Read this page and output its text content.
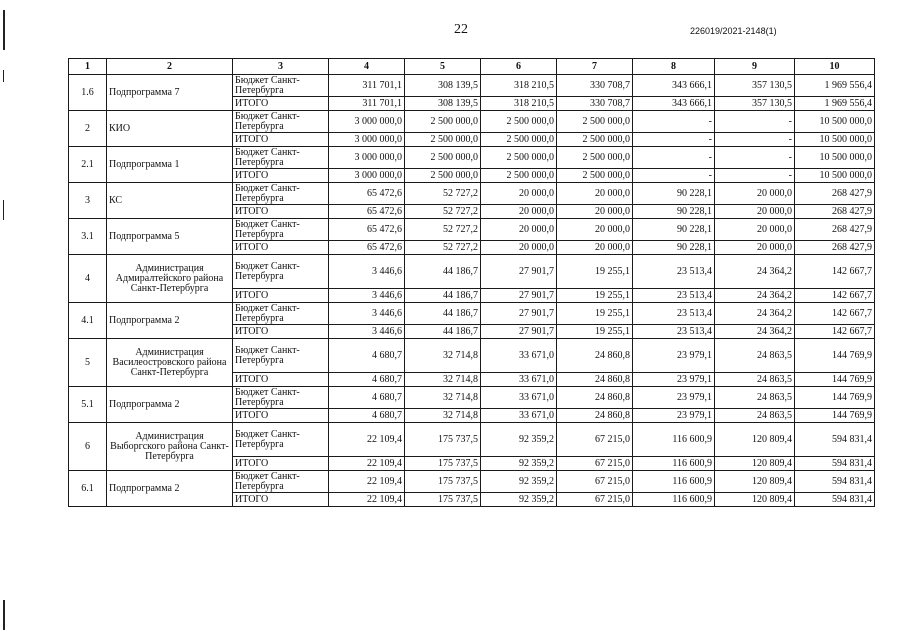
22	226019/2021-2148(1)
1	2	3	4	5	6	7	8	9	10
1.6	Подпрограмма 7	Бюджет Санкт-Петербурга	311 701,1	308 139,5	318 210,5	330 708,7	343 666,1	357 130,5	1 969 556,4
		ИТОГО	311 701,1	308 139,5	318 210,5	330 708,7	343 666,1	357 130,5	1 969 556,4
2	КИО	Бюджет Санкт-Петербурга	3 000 000,0	2 500 000,0	2 500 000,0	2 500 000,0	-	-	10 500 000,0
		ИТОГО	3 000 000,0	2 500 000,0	2 500 000,0	2 500 000,0	-	-	10 500 000,0
2.1	Подпрограмма 1	Бюджет Санкт-Петербурга	3 000 000,0	2 500 000,0	2 500 000,0	2 500 000,0	-	-	10 500 000,0
		ИТОГО	3 000 000,0	2 500 000,0	2 500 000,0	2 500 000,0	-	-	10 500 000,0
3	КС	Бюджет Санкт-Петербурга	65 472,6	52 727,2	20 000,0	20 000,0	90 228,1	20 000,0	268 427,9
		ИТОГО	65 472,6	52 727,2	20 000,0	20 000,0	90 228,1	20 000,0	268 427,9
3.1	Подпрограмма 5	Бюджет Санкт-Петербурга	65 472,6	52 727,2	20 000,0	20 000,0	90 228,1	20 000,0	268 427,9
		ИТОГО	65 472,6	52 727,2	20 000,0	20 000,0	90 228,1	20 000,0	268 427,9
4	Администрация Адмиралтейского района Санкт-Петербурга	Бюджет Санкт-Петербурга	3 446,6	44 186,7	27 901,7	19 255,1	23 513,4	24 364,2	142 667,7
		ИТОГО	3 446,6	44 186,7	27 901,7	19 255,1	23 513,4	24 364,2	142 667,7
4.1	Подпрограмма 2	Бюджет Санкт-Петербурга	3 446,6	44 186,7	27 901,7	19 255,1	23 513,4	24 364,2	142 667,7
		ИТОГО	3 446,6	44 186,7	27 901,7	19 255,1	23 513,4	24 364,2	142 667,7
5	Администрация Василеостровского района Санкт-Петербурга	Бюджет Санкт-Петербурга	4 680,7	32 714,8	33 671,0	24 860,8	23 979,1	24 863,5	144 769,9
		ИТОГО	4 680,7	32 714,8	33 671,0	24 860,8	23 979,1	24 863,5	144 769,9
5.1	Подпрограмма 2	Бюджет Санкт-Петербурга	4 680,7	32 714,8	33 671,0	24 860,8	23 979,1	24 863,5	144 769,9
		ИТОГО	4 680,7	32 714,8	33 671,0	24 860,8	23 979,1	24 863,5	144 769,9
6	Администрация Выборгского района Санкт-Петербурга	Бюджет Санкт-Петербурга	22 109,4	175 737,5	92 359,2	67 215,0	116 600,9	120 809,4	594 831,4
		ИТОГО	22 109,4	175 737,5	92 359,2	67 215,0	116 600,9	120 809,4	594 831,4
6.1	Подпрограмма 2	Бюджет Санкт-Петербурга	22 109,4	175 737,5	92 359,2	67 215,0	116 600,9	120 809,4	594 831,4
		ИТОГО	22 109,4	175 737,5	92 359,2	67 215,0	116 600,9	120 809,4	594 831,4
